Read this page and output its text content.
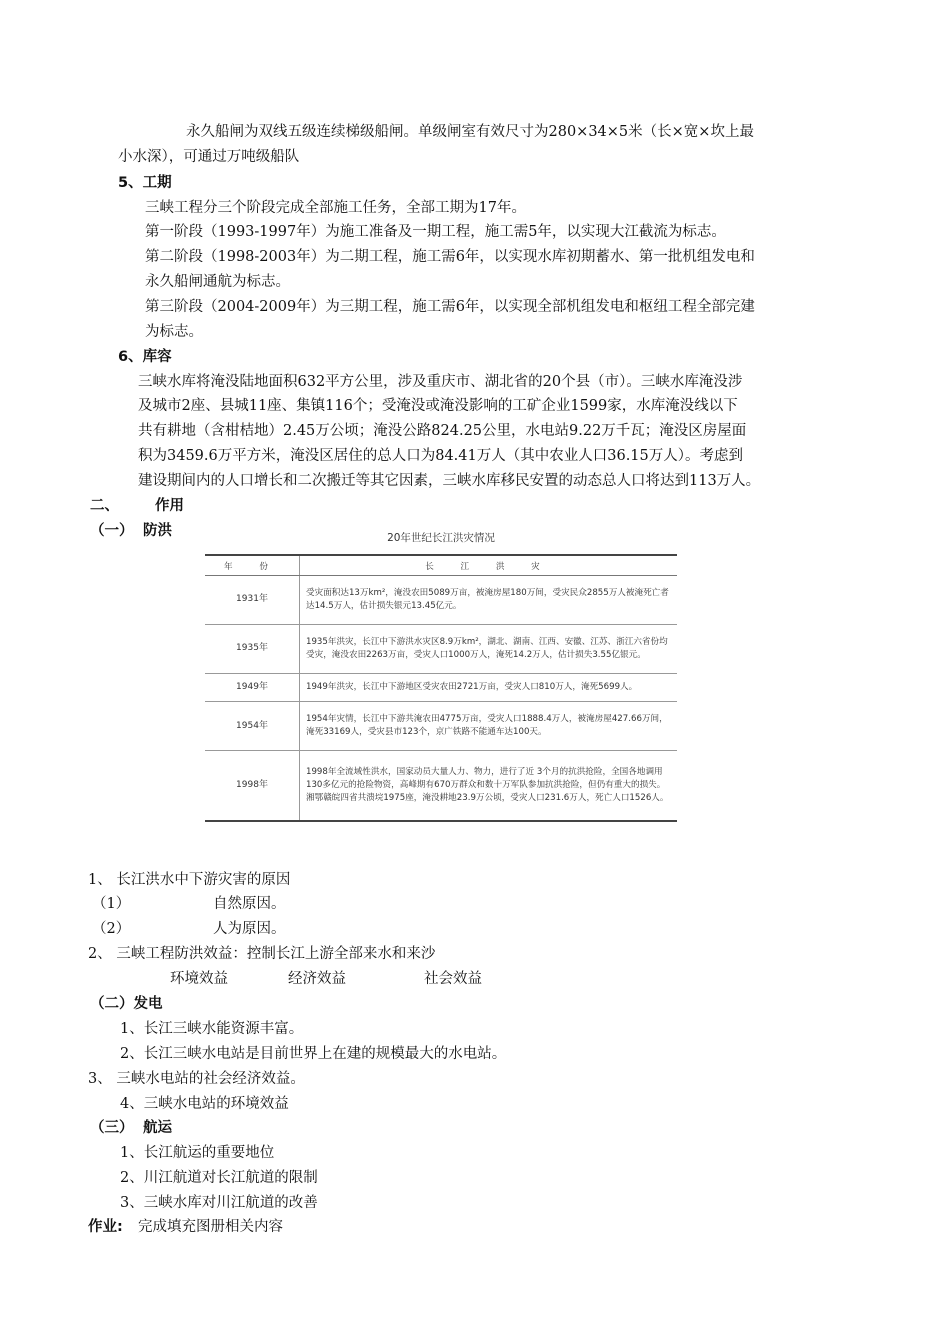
永久船闸为双线五级连续梯级船闸。单级闸室有效尺寸为280×34×5米（长×宽×坎上最
小水深），可通过万吨级船队
5、工期
三峡工程分三个阶段完成全部施工任务，全部工期为17年。
第一阶段（1993-1997年）为施工准备及一期工程，施工需5年，以实现大江截流为标志。
第二阶段（1998-2003年）为二期工程，施工需6年，以实现水库初期蓄水、第一批机组发电和
永久船闸通航为标志。
第三阶段（2004-2009年）为三期工程，施工需6年，以实现全部机组发电和枢纽工程全部完建
为标志。
6、库容
三峡水库将淹没陆地面积632平方公里，涉及重庆市、湖北省的20个县（市）。三峡水库淹没涉
及城市2座、县城11座、集镇116个；受淹没或淹没影响的工矿企业1599家，水库淹没线以下
共有耕地（含柑桔地）2.45万公顷；淹没公路824.25公里，水电站9.22万千瓦；淹没区房屋面
积为3459.6万平方米，淹没区居住的总人口为84.41万人（其中农业人口36.15万人）。考虑到
建设期间内的人口增长和二次搬迁等其它因素，三峡水库移民安置的动态总人口将达到113万人。
二、 作用
（一） 防洪	20年世纪长江洪灾情况
年 份	长 江 洪 灾
1931年	受灾面积达13万km²，淹没农田5089万亩，被淹房屋180万间，受灾民众2855万人被淹死亡者达14.5万人，估计损失银元13.45亿元。
1935年	1935年洪灾，长江中下游洪水灾区8.9万km²，湖北、湖南、江西、安徽、江苏、浙江六省份均受灾，淹没农田2263万亩，受灾人口1000万人，淹死14.2万人，估计损失3.55亿银元。
1949年	1949年洪灾，长江中下游地区受灾农田2721万亩，受灾人口810万人，淹死5699人。
1954年	1954年灾情，长江中下游共淹农田4775万亩，受灾人口1888.4万人，被淹房屋427.66万间，淹死33169人，受灾县市123个，京广铁路不能通车达100天。
1998年	1998年全流域性洪水，国家动员大量人力、物力，进行了近 3个月的抗洪抢险，全国各地调用130多亿元的抢险物资，高峰期有670万群众和数十万军队参加抗洪抢险，但仍有重大的损失。湘鄂赣皖四省共溃垸1975座，淹没耕地23.9万公顷，受灾人口231.6万人，死亡人口1526人。
1、 长江洪水中下游灾害的原因
（1）	自然原因。
（2）	人为原因。
2、 三峡工程防洪效益：控制长江上游全部来水和来沙
环境效益	经济效益	社会效益
（二）发电
1、长江三峡水能资源丰富。
2、长江三峡水电站是目前世界上在建的规模最大的水电站。
3、 三峡水电站的社会经济效益。
4、三峡水电站的环境效益
（三） 航运
1、长江航运的重要地位
2、川江航道对长江航道的限制
3、三峡水库对川江航道的改善
作业: 完成填充图册相关内容
